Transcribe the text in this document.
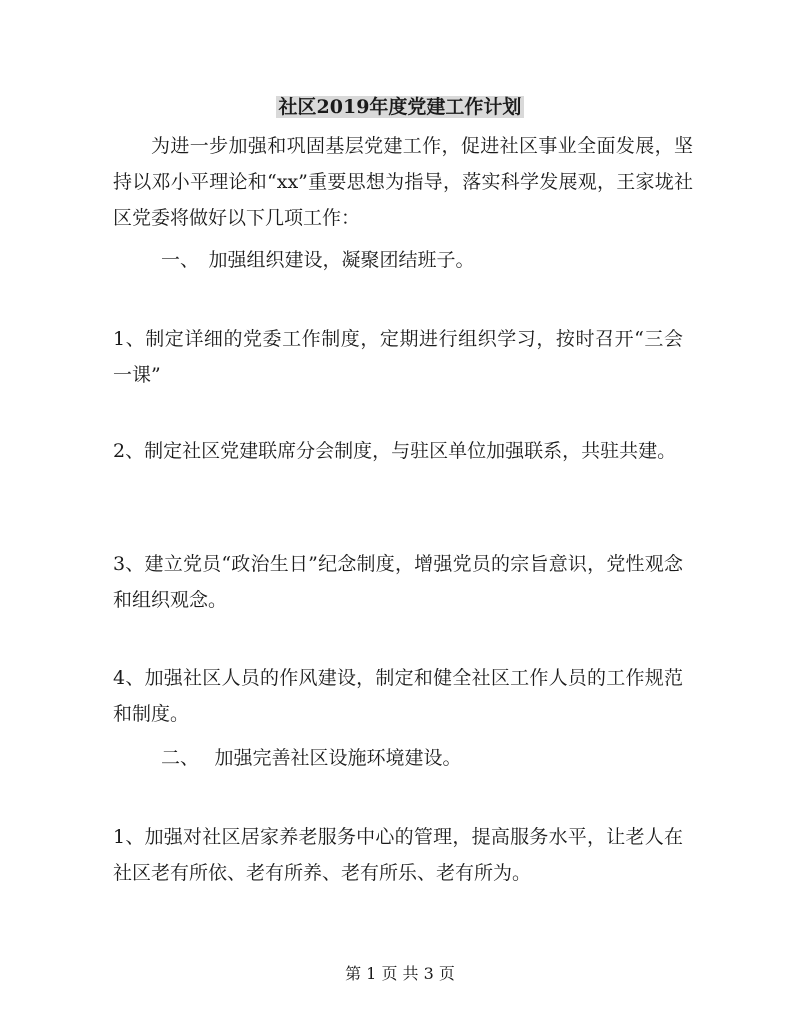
社区2019年度党建工作计划
为进一步加强和巩固基层党建工作，促进社区事业全面发展，坚持以邓小平理论和“xx”重要思想为指导，落实科学发展观，王家垅社区党委将做好以下几项工作：
一、　加强组织建设，凝聚团结班子。
1、制定详细的党委工作制度，定期进行组织学习，按时召开“三会一课”
2、制定社区党建联席分会制度，与驻区单位加强联系，共驻共建。
3、建立党员“政治生日”纪念制度，增强党员的宗旨意识，党性观念和组织观念。
4、加强社区人员的作风建设，制定和健全社区工作人员的工作规范和制度。
二、　 加强完善社区设施环境建设。
1、加强对社区居家养老服务中心的管理，提高服务水平，让老人在社区老有所依、老有所养、老有所乐、老有所为。
第 1 页 共 3 页
